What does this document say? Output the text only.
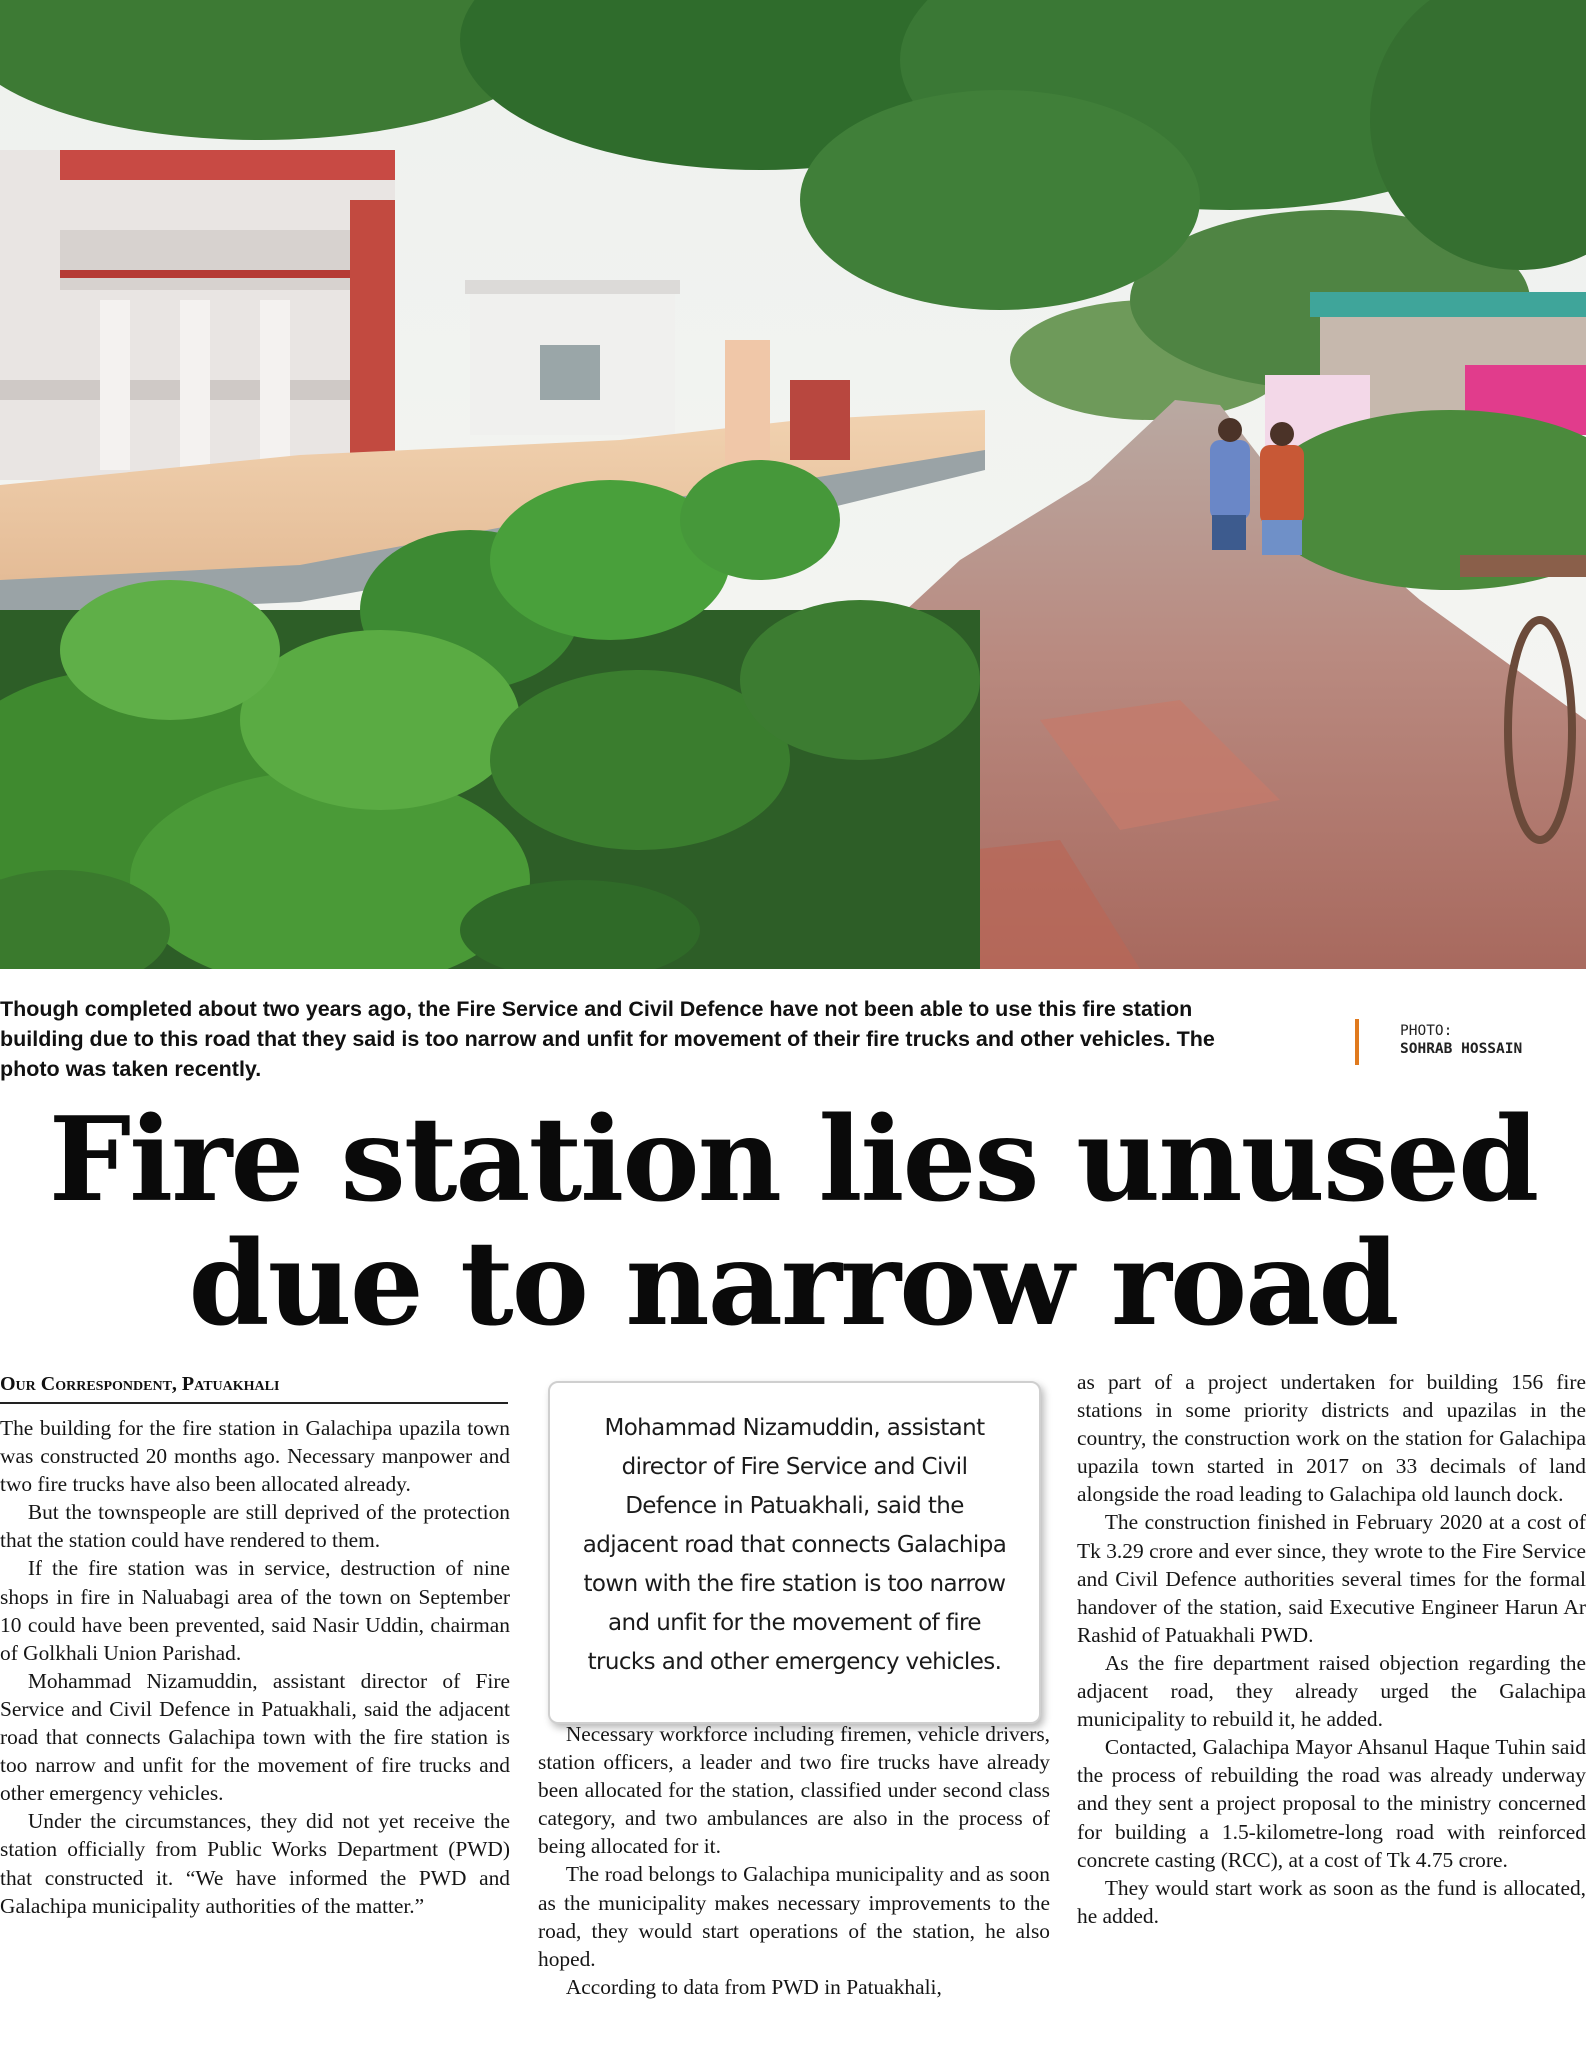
Though completed about two years ago, the Fire Service and Civil Defence have not been able to use this fire station building due to this road that they said is too narrow and unfit for movement of their fire trucks and other vehicles. The photo was taken recently.
PHOTO:
SOHRAB HOSSAIN
Fire station lies unused
due to narrow road
Our Correspondent, Patuakhali

The building for the fire station in Galachipa upazila town was constructed 20 months ago. Necessary manpower and two fire trucks have also been allocated already.

But the townspeople are still deprived of the protection that the station could have rendered to them.

If the fire station was in service, destruction of nine shops in fire in Naluabagi area of the town on September 10 could have been prevented, said Nasir Uddin, chairman of Golkhali Union Parishad.

Mohammad Nizamuddin, assistant director of Fire Service and Civil Defence in Patuakhali, said the adjacent road that connects Galachipa town with the fire station is too narrow and unfit for the movement of fire trucks and other emergency vehicles.

Under the circumstances, they did not yet receive the station officially from Public Works Department (PWD) that constructed it. “We have informed the PWD and Galachipa municipality authorities of the matter.”

Mohammad Nizamuddin, assistant director of Fire Service and Civil Defence in Patuakhali, said the adjacent road that connects Galachipa town with the fire station is too narrow and unfit for the movement of fire trucks and other emergency vehicles.

Necessary workforce including firemen, vehicle drivers, station officers, a leader and two fire trucks have already been allocated for the station, classified under second class category, and two ambulances are also in the process of being allocated for it.

The road belongs to Galachipa municipality and as soon as the municipality makes necessary improvements to the road, they would start operations of the station, he also hoped.

According to data from PWD in Patuakhali,

as part of a project undertaken for building 156 fire stations in some priority districts and upazilas in the country, the construction work on the station for Galachipa upazila town started in 2017 on 33 decimals of land alongside the road leading to Galachipa old launch dock.

The construction finished in February 2020 at a cost of Tk 3.29 crore and ever since, they wrote to the Fire Service and Civil Defence authorities several times for the formal handover of the station, said Executive Engineer Harun Ar Rashid of Patuakhali PWD.

As the fire department raised objection regarding the adjacent road, they already urged the Galachipa municipality to rebuild it, he added.

Contacted, Galachipa Mayor Ahsanul Haque Tuhin said the process of rebuilding the road was already underway and they sent a project proposal to the ministry concerned for building a 1.5-kilometre-long road with reinforced concrete casting (RCC), at a cost of Tk 4.75 crore.

They would start work as soon as the fund is allocated, he added.
